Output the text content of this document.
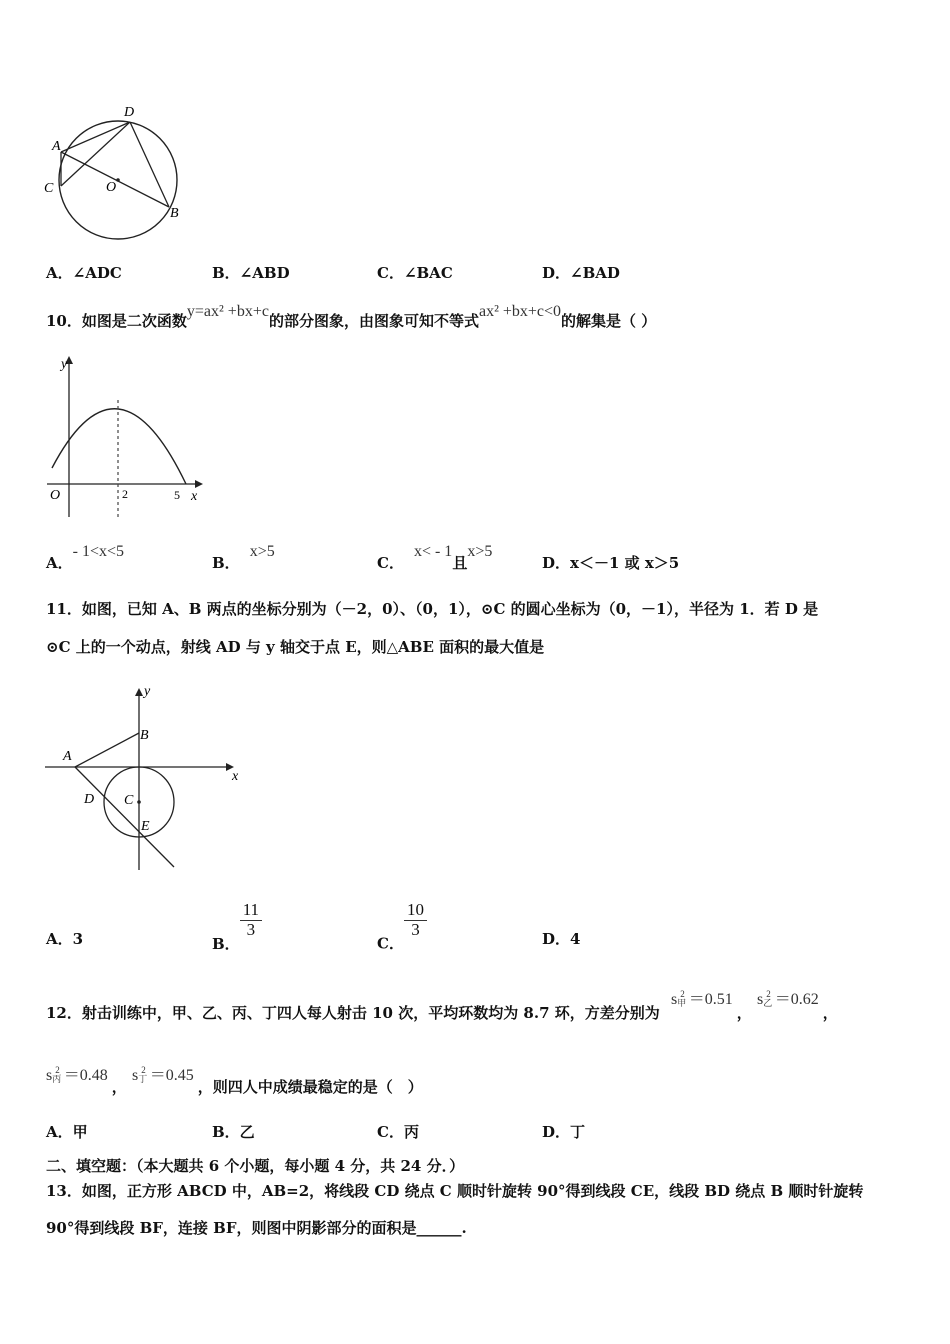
D
A
C	O
B
A．∠ADC	B．∠ABD	C．∠BAC	D．∠BAD
10．如图是二次函数y=ax² +bx+c的部分图象，由图象可知不等式ax² +bx+c<0的解集是（ ）
y
O	2	5 x
A．- 1<x<5
B．x>5
C．x< - 1且x>5
D．x＜－1 或 x＞5
11．如图，已知 A、B 两点的坐标分别为（－2，0）、（0，1），⊙C 的圆心坐标为（0，－1），半径为 1．若 D 是
⊙C 上的一个动点，射线 AD 与 y 轴交于点 E，则△ABE 面积的最大值是
y
B
A
x
D C
E
A．3	B．
$\frac{11}{3}$
C．
$\frac{10}{3}$	D．4
12．射击训练中，甲、乙、丙、丁四人每人射击 10 次，平均环数均为 8.7 环，方差分别为 s甲$^2$ ＝0.51 ， s乙$^2$ ＝0.62 ，
s丙$^2$ ＝0.48 ， s丁$^2$ ＝0.45 ，则四人中成绩最稳定的是（　）
A．甲	B．乙	C．丙	D．丁
二、填空题：（本大题共 6 个小题，每小题 4 分，共 24 分．）
13．如图，正方形 ABCD 中，AB=2，将线段 CD 绕点 C 顺时针旋转 90°得到线段 CE，线段 BD 绕点 B 顺时针旋转
90°得到线段 BF，连接 BF，则图中阴影部分的面积是______.
